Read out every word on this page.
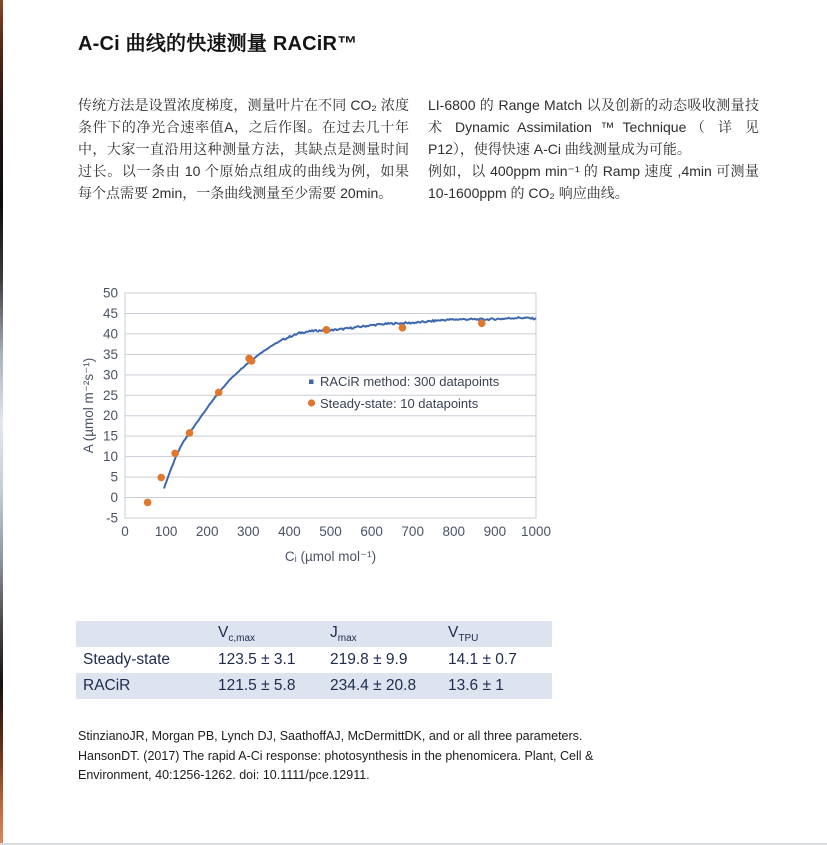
A-Ci 曲线的快速测量 RACiR™

传统方法是设置浓度梯度，测量叶片在不同 CO₂ 浓度条件下的净光合速率值A，之后作图。在过去几十年中，大家一直沿用这种测量方法，其缺点是测量时间过长。以一条由 10 个原始点组成的曲线为例，如果每个点需要 2min，一条曲线测量至少需要 20min。

LI-6800 的 Range Match 以及创新的动态吸收测量技 术 Dynamic Assimilation ™ Technique（ 详 见 P12），使得快速 A-Ci 曲线测量成为可能。

例如，以 400ppm min⁻¹ 的 Ramp 速度 ,4min 可测量 10-1600ppm 的 CO₂ 响应曲线。

-5
0
5
10
15
20
25
30
35
40
45
50
0 100 200 300 400 500 600 700 800 900 1000
Cᵢ (µmol mol⁻¹)
A (µmol m⁻²s⁻¹)	RACiR method: 300 datapoints
Steady-state: 10 datapoints
	$V_{c,max}$	$J_{max}$	$V_{TPU}$
Steady-state	123.5 ± 3.1	219.8 ± 9.9	14.1 ± 0.7
RACiR	121.5 ± 5.8	234.4 ± 20.8	13.6 ± 1
StinzianoJR, Morgan PB, Lynch DJ, SaathoffAJ, McDermittDK, and or all three parameters.
HansonDT. (2017) The rapid A-Ci response: photosynthesis in the phenomicera. Plant, Cell &
Environment, 40:1256-1262. doi: 10.1111/pce.12911.
